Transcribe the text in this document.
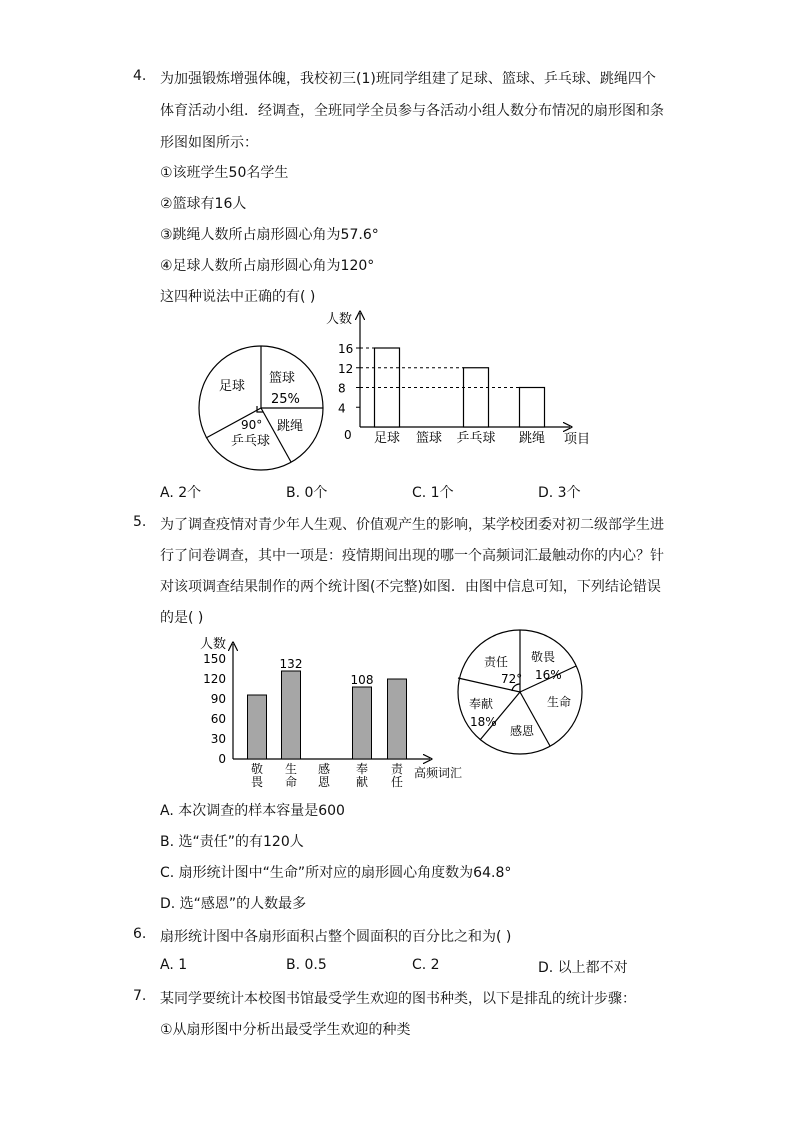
4. 为加强锻炼增强体魄，我校初三(1)班同学组建了足球、篮球、乒乓球、跳绳四个
体育活动小组．经调查，全班同学全员参与各活动小组人数分布情况的扇形图和条
形图如图所示：
①该班学生50名学生
②篮球有16人
③跳绳人数所占扇形圆心角为57.6°
④足球人数所占扇形圆心角为120°
这四种说法中正确的有( )
足球
篮球
25%
跳绳
90°
乒乓球
人数
项目
16
12
8
4
0 足球 篮球 乒乓球 跳绳
A. 2个	B. 0个	C. 1个	D. 3个
5. 为了调查疫情对青少年人生观、价值观产生的影响，某学校团委对初二级部学生进
行了问卷调查，其中一项是：疫情期间出现的哪一个高频词汇最触动你的内心？针
对该项调查结果制作的两个统计图(不完整)如图．由图中信息可知，下列结论错误
的是( )
人数
高频词汇
150
120
90
60
30
0
敬
畏
132
生
命
感
恩
108
奉
献
责
任
责任
72°
敬畏
16%
生命
奉献
18%
感恩
A. 本次调查的样本容量是600
B. 选“责任”的有120人
C. 扇形统计图中“生命”所对应的扇形圆心角度数为64.8°
D. 选“感恩”的人数最多
6. 扇形统计图中各扇形面积占整个圆面积的百分比之和为( )
A. 1	B. 0.5	C. 2	D. 以上都不对
7. 某同学要统计本校图书馆最受学生欢迎的图书种类，以下是排乱的统计步骤：
①从扇形图中分析出最受学生欢迎的种类
